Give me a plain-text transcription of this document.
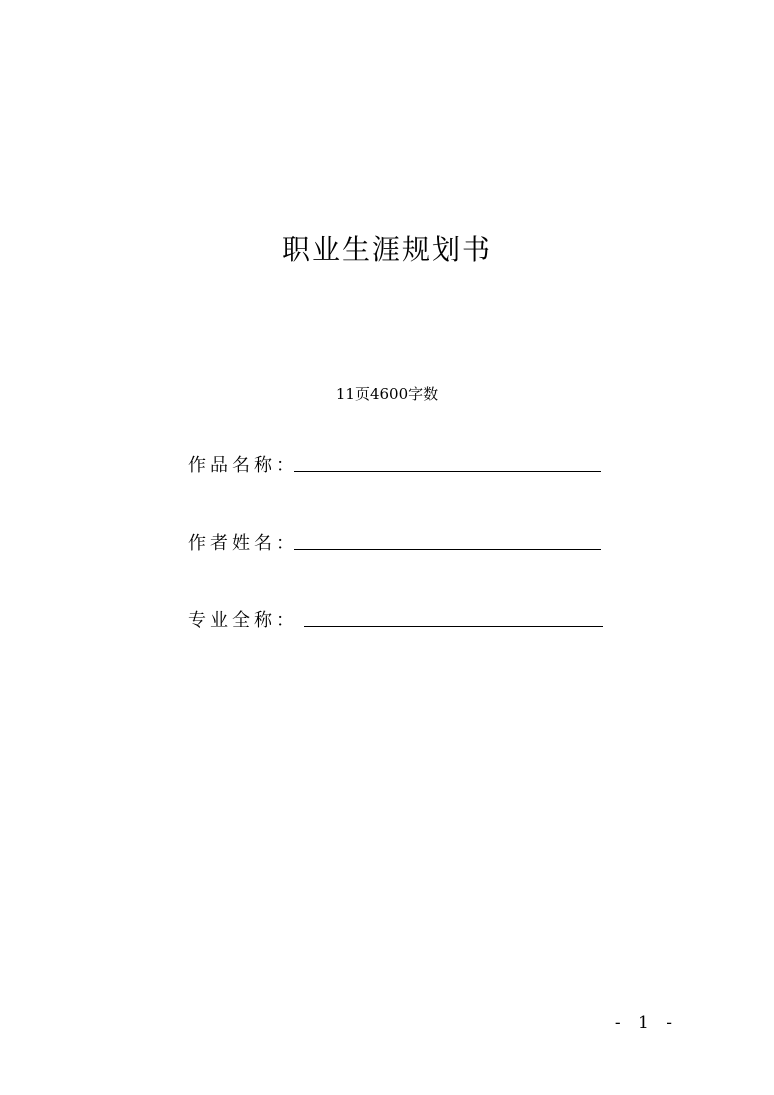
职业生涯规划书
11页4600字数
作品名称：
作者姓名：
专业全称：
- 1 -
